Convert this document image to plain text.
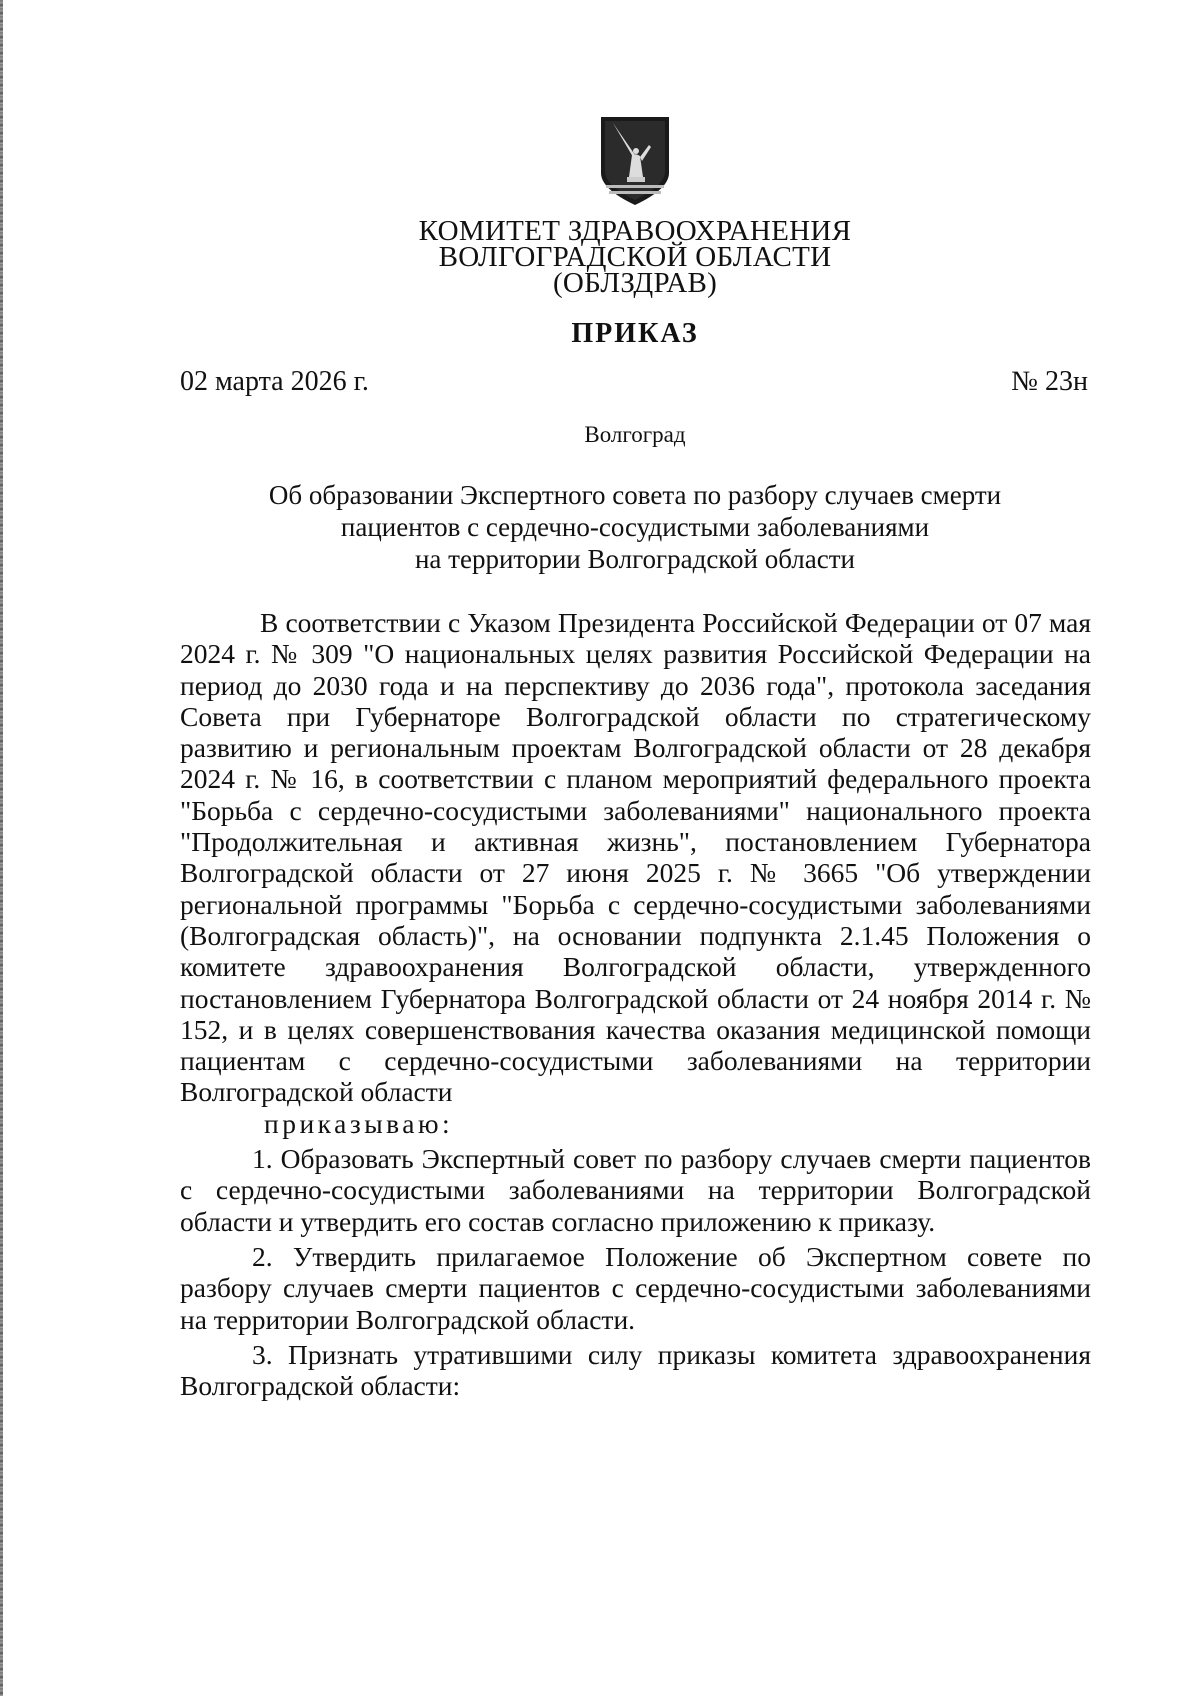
КОМИТЕТ ЗДРАВООХРАНЕНИЯ
ВОЛГОГРАДСКОЙ ОБЛАСТИ
(ОБЛЗДРАВ)
ПРИКАЗ
02 марта 2026 г.	№ 23н
Волгоград
Об образовании Экспертного совета по разбору случаев смерти
пациентов с сердечно-сосудистыми заболеваниями
на территории Волгоградской области

В соответствии с Указом Президента Российской Федерации от 07 мая 2024 г. № 309 "О национальных целях развития Российской Федерации на период до 2030 года и на перспективу до 2036 года", протокола заседания Совета при Губернаторе Волгоградской области по стратегическому развитию и региональным проектам Волгоградской области от 28 декабря 2024 г. № 16, в соответствии с планом мероприятий федерального проекта "Борьба с сердечно-сосудистыми заболеваниями" национального проекта "Продолжительная и активная жизнь", постановлением Губернатора Волгоградской области от 27 июня 2025 г. № 3665 "Об утверждении региональной программы "Борьба с сердечно-сосудистыми заболеваниями (Волгоградская область)", на основании подпункта 2.1.45 Положения о комитете здравоохранения Волгоградской области, утвержденного постановлением Губернатора Волгоградской области от 24 ноября 2014 г. № 152, и в целях совершенствования качества оказания медицинской помощи пациентам с сердечно-сосудистыми заболеваниями на территории Волгоградской области

приказываю:

1. Образовать Экспертный совет по разбору случаев смерти пациентов с сердечно-сосудистыми заболеваниями на территории Волгоградской области и утвердить его состав согласно приложению к приказу.

2. Утвердить прилагаемое Положение об Экспертном совете по разбору случаев смерти пациентов с сердечно-сосудистыми заболеваниями на территории Волгоградской области.

3. Признать утратившими силу приказы комитета здравоохранения Волгоградской области:
